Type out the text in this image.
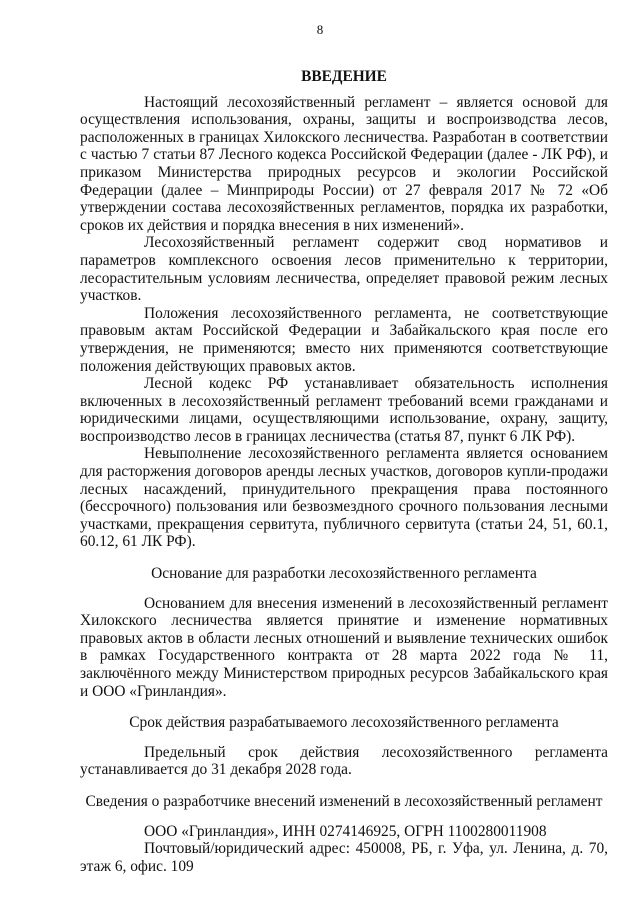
8
ВВЕДЕНИЕ

Настоящий лесохозяйственный регламент – является основой для осуществления использования, охраны, защиты и воспроизводства лесов, расположенных в границах Хилокского лесничества. Разработан в соответствии с частью 7 статьи 87 Лесного кодекса Российской Федерации (далее - ЛК РФ), и приказом Министерства природных ресурсов и экологии Российской Федерации (далее – Минприроды России) от 27 февраля 2017 № 72 «Об утверждении состава лесохозяйственных регламентов, порядка их разработки, сроков их действия и порядка внесения в них изменений».

Лесохозяйственный регламент содержит свод нормативов и параметров комплексного освоения лесов применительно к территории, лесорастительным условиям лесничества, определяет правовой режим лесных участков.

Положения лесохозяйственного регламента, не соответствующие правовым актам Российской Федерации и Забайкальского края после его утверждения, не применяются; вместо них применяются соответствующие положения действующих правовых актов.

Лесной кодекс РФ устанавливает обязательность исполнения включенных в лесохозяйственный регламент требований всеми гражданами и юридическими лицами, осуществляющими использование, охрану, защиту, воспроизводство лесов в границах лесничества (статья 87, пункт 6 ЛК РФ).

Невыполнение лесохозяйственного регламента является основанием для расторжения договоров аренды лесных участков, договоров купли-продажи лесных насаждений, принудительного прекращения права постоянного (бессрочного) пользования или безвозмездного срочного пользования лесными участками, прекращения сервитута, публичного сервитута (статьи 24, 51, 60.1, 60.12, 61 ЛК РФ).

Основание для разработки лесохозяйственного регламента

Основанием для внесения изменений в лесохозяйственный регламент Хилокского лесничества является принятие и изменение нормативных правовых актов в области лесных отношений и выявление технических ошибок в рамках Государственного контракта от 28 марта 2022 года № 11, заключённого между Министерством природных ресурсов Забайкальского края и ООО «Гринландия».

Срок действия разрабатываемого лесохозяйственного регламента

Предельный срок действия лесохозяйственного регламента устанавливается до 31 декабря 2028 года.

Сведения о разработчике внесений изменений в лесохозяйственный регламент

ООО «Гринландия», ИНН 0274146925, ОГРН 1100280011908

Почтовый/юридический адрес: 450008, РБ, г. Уфа, ул. Ленина, д. 70, этаж 6, офис. 109
